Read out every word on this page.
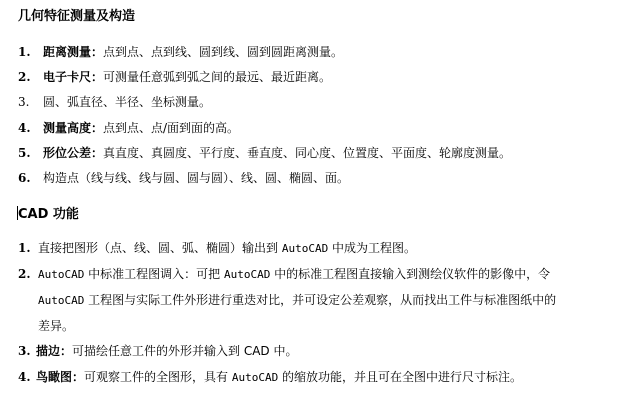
几何特征测量及构造
1. 距离测量：点到点、点到线、圆到线、圆到圆距离测量。
2. 电子卡尺：可测量任意弧到弧之间的最远、最近距离。
3. 圆、弧直径、半径、坐标测量。
4. 测量高度：点到点、点/面到面的高。
5. 形位公差：真直度、真圆度、平行度、垂直度、同心度、位置度、平面度、轮廓度测量。
6. 构造点（线与线、线与圆、圆与圆）、线、圆、椭圆、面。
CAD 功能
1. 直接把图形（点、线、圆、弧、椭圆）输出到 AutoCAD 中成为工程图。
2. AutoCAD 中标准工程图调入：可把 AutoCAD 中的标准工程图直接输入到测绘仪软件的影像中，令
AutoCAD 工程图与实际工件外形进行重迭对比，并可设定公差观察，从而找出工件与标准图纸中的
差异。
3. 描边：可描绘任意工件的外形并输入到 CAD 中。
4. 鸟瞰图：可观察工件的全图形，具有 AutoCAD 的缩放功能，并且可在全图中进行尺寸标注。
